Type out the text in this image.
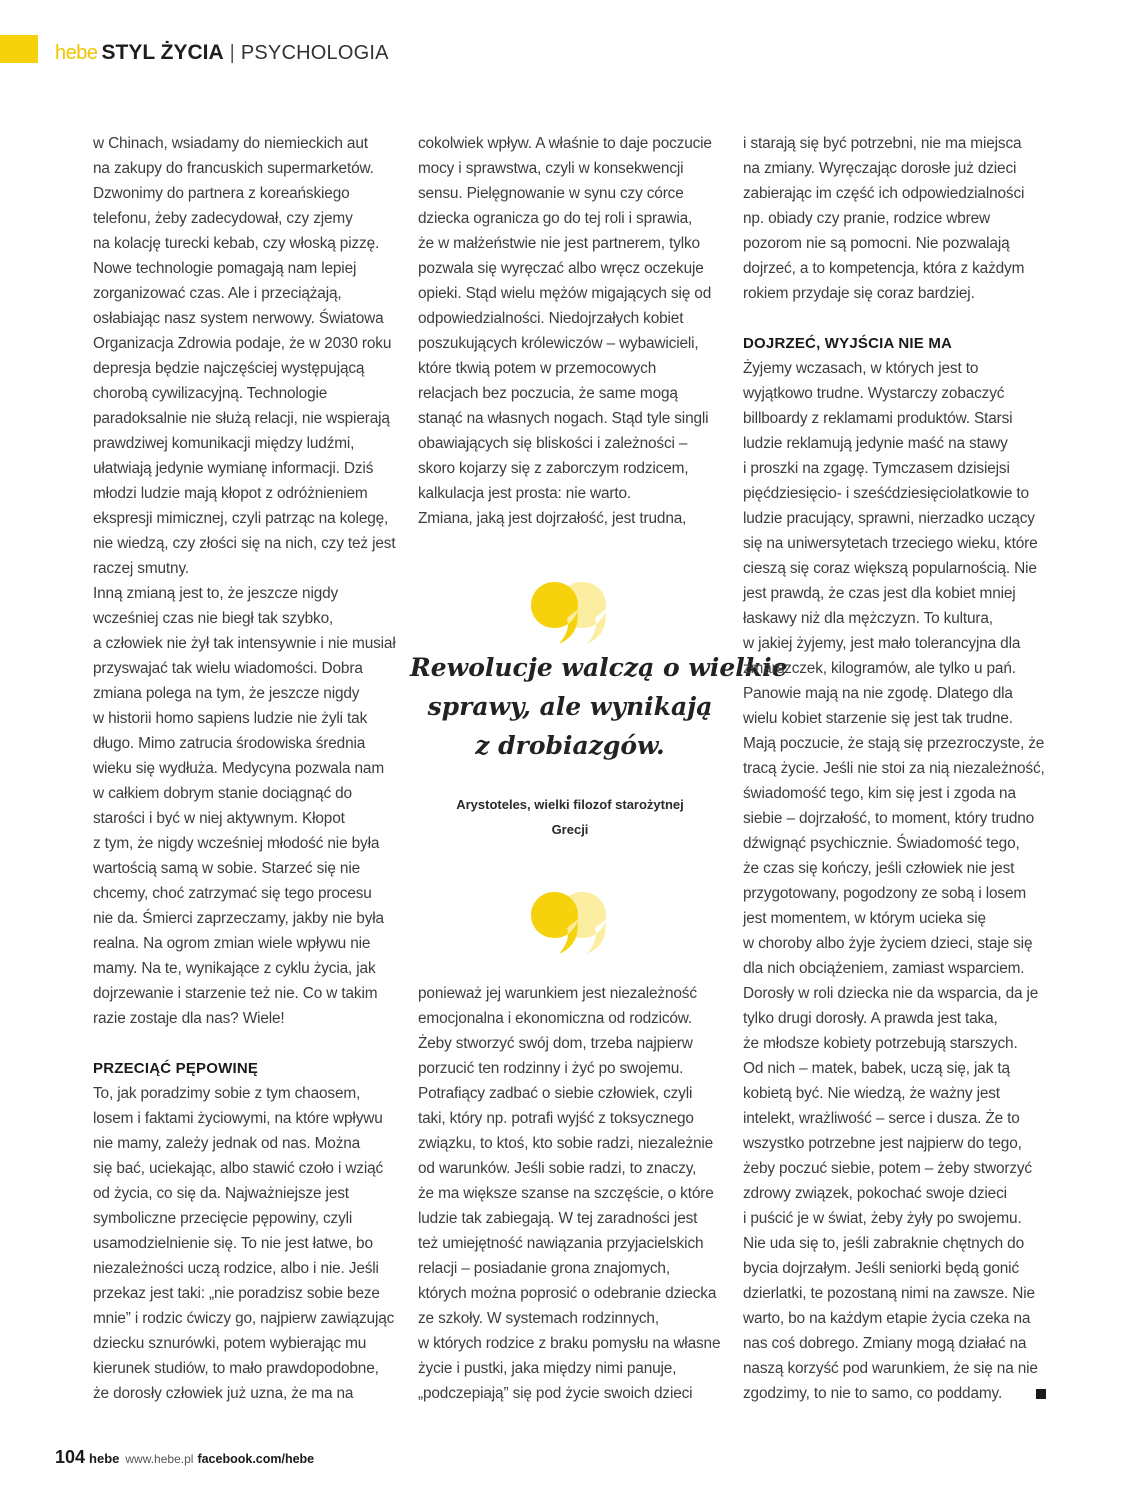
hebe STYL ŻYCIA | PSYCHOLOGIA
w Chinach, wsiadamy do niemieckich aut
na zakupy do francuskich supermarketów.
Dzwonimy do partnera z koreańskiego
telefonu, żeby zadecydował, czy zjemy
na kolację turecki kebab, czy włoską pizzę.
Nowe technologie pomagają nam lepiej
zorganizować czas. Ale i przeciążają,
osłabiając nasz system nerwowy. Światowa
Organizacja Zdrowia podaje, że w 2030 roku
depresja będzie najczęściej występującą
chorobą cywilizacyjną. Technologie
paradoksalnie nie służą relacji, nie wspierają
prawdziwej komunikacji między ludźmi,
ułatwiają jedynie wymianę informacji. Dziś
młodzi ludzie mają kłopot z odróżnieniem
ekspresji mimicznej, czyli patrząc na kolegę,
nie wiedzą, czy złości się na nich, czy też jest
raczej smutny.
Inną zmianą jest to, że jeszcze nigdy
wcześniej czas nie biegł tak szybko,
a człowiek nie żył tak intensywnie i nie musiał
przyswajać tak wielu wiadomości. Dobra
zmiana polega na tym, że jeszcze nigdy
w historii homo sapiens ludzie nie żyli tak
długo. Mimo zatrucia środowiska średnia
wieku się wydłuża. Medycyna pozwala nam
w całkiem dobrym stanie dociągnąć do
starości i być w niej aktywnym. Kłopot
z tym, że nigdy wcześniej młodość nie była
wartością samą w sobie. Starzeć się nie
chcemy, choć zatrzymać się tego procesu
nie da. Śmierci zaprzeczamy, jakby nie była
realna. Na ogrom zmian wiele wpływu nie
mamy. Na te, wynikające z cyklu życia, jak
dojrzewanie i starzenie też nie. Co w takim
razie zostaje dla nas? Wiele!
PRZECIĄĆ PĘPOWINĘ
To, jak poradzimy sobie z tym chaosem,
losem i faktami życiowymi, na które wpływu
nie mamy, zależy jednak od nas. Można
się bać, uciekając, albo stawić czoło i wziąć
od życia, co się da. Najważniejsze jest
symboliczne przecięcie pępowiny, czyli
usamodzielnienie się. To nie jest łatwe, bo
niezależności uczą rodzice, albo i nie. Jeśli
przekaz jest taki: „nie poradzisz sobie beze
mnie” i rodzic ćwiczy go, najpierw zawiązując
dziecku sznurówki, potem wybierając mu
kierunek studiów, to mało prawdopodobne,
że dorosły człowiek już uzna, że ma na
cokolwiek wpływ. A właśnie to daje poczucie
mocy i sprawstwa, czyli w konsekwencji
sensu. Pielęgnowanie w synu czy córce
dziecka ogranicza go do tej roli i sprawia,
że w małżeństwie nie jest partnerem, tylko
pozwala się wyręczać albo wręcz oczekuje
opieki. Stąd wielu mężów migających się od
odpowiedzialności. Niedojrzałych kobiet
poszukujących królewiczów – wybawicieli,
które tkwią potem w przemocowych
relacjach bez poczucia, że same mogą
stanąć na własnych nogach. Stąd tyle singli
obawiających się bliskości i zależności –
skoro kojarzy się z zaborczym rodzicem,
kalkulacja jest prosta: nie warto.
Zmiana, jaką jest dojrzałość, jest trudna,
Rewolucje walczą o wielkie
sprawy, ale wynikają
z drobiazgów.
Arystoteles, wielki filozof starożytnej
Grecji
ponieważ jej warunkiem jest niezależność
emocjonalna i ekonomiczna od rodziców.
Żeby stworzyć swój dom, trzeba najpierw
porzucić ten rodzinny i żyć po swojemu.
Potrafiący zadbać o siebie człowiek, czyli
taki, który np. potrafi wyjść z toksycznego
związku, to ktoś, kto sobie radzi, niezależnie
od warunków. Jeśli sobie radzi, to znaczy,
że ma większe szanse na szczęście, o które
ludzie tak zabiegają. W tej zaradności jest
też umiejętność nawiązania przyjacielskich
relacji – posiadanie grona znajomych,
których można poprosić o odebranie dziecka
ze szkoły. W systemach rodzinnych,
w których rodzice z braku pomysłu na własne
życie i pustki, jaka między nimi panuje,
„podczepiają” się pod życie swoich dzieci
i starają się być potrzebni, nie ma miejsca
na zmiany. Wyręczając dorosłe już dzieci
zabierając im część ich odpowiedzialności
np. obiady czy pranie, rodzice wbrew
pozorom nie są pomocni. Nie pozwalają
dojrzeć, a to kompetencja, która z każdym
rokiem przydaje się coraz bardziej.
DOJRZEĆ, WYJŚCIA NIE MA
Żyjemy wczasach, w których jest to
wyjątkowo trudne. Wystarczy zobaczyć
billboardy z reklamami produktów. Starsi
ludzie reklamują jedynie maść na stawy
i proszki na zgagę. Tymczasem dzisiejsi
pięćdziesięcio- i sześćdziesięciolatkowie to
ludzie pracujący, sprawni, nierzadko uczący
się na uniwersytetach trzeciego wieku, które
cieszą się coraz większą popularnością. Nie
jest prawdą, że czas jest dla kobiet mniej
łaskawy niż dla mężczyzn. To kultura,
w jakiej żyjemy, jest mało tolerancyjna dla
zmarszczek, kilogramów, ale tylko u pań.
Panowie mają na nie zgodę. Dlatego dla
wielu kobiet starzenie się jest tak trudne.
Mają poczucie, że stają się przezroczyste, że
tracą życie. Jeśli nie stoi za nią niezależność,
świadomość tego, kim się jest i zgoda na
siebie – dojrzałość, to moment, który trudno
dźwignąć psychicznie. Świadomość tego,
że czas się kończy, jeśli człowiek nie jest
przygotowany, pogodzony ze sobą i losem
jest momentem, w którym ucieka się
w choroby albo żyje życiem dzieci, staje się
dla nich obciążeniem, zamiast wsparciem.
Dorosły w roli dziecka nie da wsparcia, da je
tylko drugi dorosły. A prawda jest taka,
że młodsze kobiety potrzebują starszych.
Od nich – matek, babek, uczą się, jak tą
kobietą być. Nie wiedzą, że ważny jest
intelekt, wrażliwość – serce i dusza. Że to
wszystko potrzebne jest najpierw do tego,
żeby poczuć siebie, potem – żeby stworzyć
zdrowy związek, pokochać swoje dzieci
i puścić je w świat, żeby żyły po swojemu.
Nie uda się to, jeśli zabraknie chętnych do
bycia dojrzałym. Jeśli seniorki będą gonić
dzierlatki, te pozostaną nimi na zawsze. Nie
warto, bo na każdym etapie życia czeka na
nas coś dobrego. Zmiany mogą działać na
naszą korzyść pod warunkiem, że się na nie
zgodzimy, to nie to samo, co poddamy.
104 hebe www.hebe.pl facebook.com/hebe
